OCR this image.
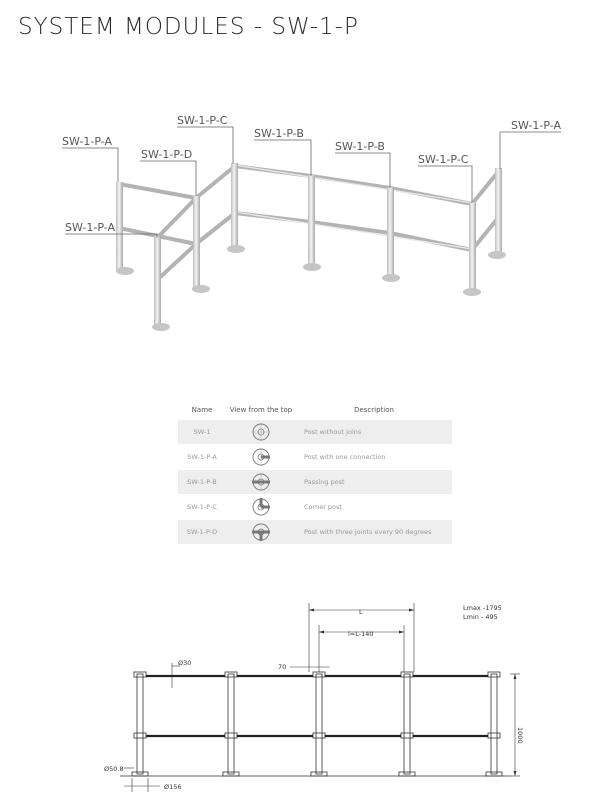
SYSTEM MODULES - SW-1-P
SW-1-P-A
SW-1-P-D
SW-1-P-C
SW-1-P-B
SW-1-P-B
SW-1-P-C
SW-1-P-A
SW-1-P-A
Name	View from the top	Description
SW-1	Post without joins
SW-1-P-A	Post with one connection
SW-1-P-B	Passing post
SW-1-P-C	Corner post
SW-1-P-D	Post with three joints every 90 degrees
L
l=L-140
Lmax -1795
Lmin - 495
Ø30	70
1000
Ø50.8
Ø156
